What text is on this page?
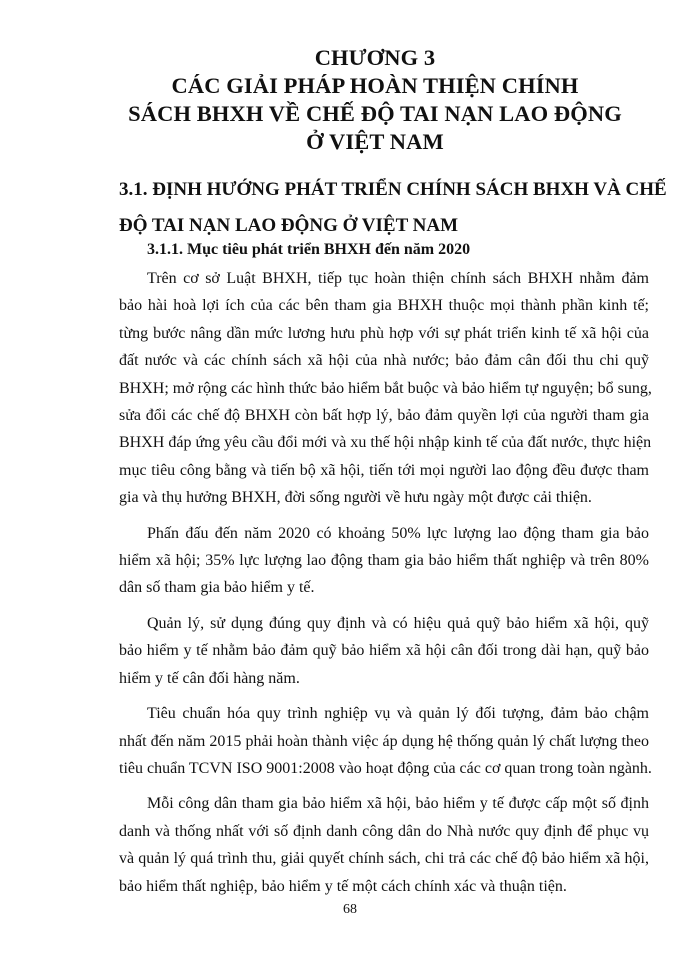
CHƯƠNG 3
CÁC GIẢI PHÁP HOÀN THIỆN CHÍNH
SÁCH BHXH VỀ CHẾ ĐỘ TAI NẠN LAO ĐỘNG
Ở VIỆT NAM
3.1. ĐỊNH HƯỚNG PHÁT TRIỂN CHÍNH SÁCH BHXH VÀ CHẾ
ĐỘ TAI NẠN LAO ĐỘNG Ở VIỆT NAM
3.1.1. Mục tiêu phát triển BHXH đến năm 2020
Trên cơ sở Luật BHXH, tiếp tục hoàn thiện chính sách BHXH nhằm đảm
bảo hài hoà lợi ích của các bên tham gia BHXH thuộc mọi thành phần kinh tế;
từng bước nâng dần mức lương hưu phù hợp với sự phát triển kinh tế xã hội của
đất nước và các chính sách xã hội của nhà nước; bảo đảm cân đối thu chi quỹ
BHXH; mở rộng các hình thức bảo hiểm bắt buộc và bảo hiểm tự nguyện; bổ sung,
sửa đổi các chế độ BHXH còn bất hợp lý, bảo đảm quyền lợi của người tham gia
BHXH đáp ứng yêu cầu đổi mới và xu thế hội nhập kinh tế của đất nước, thực hiện
mục tiêu công bằng và tiến bộ xã hội, tiến tới mọi người lao động đều được tham
gia và thụ hưởng BHXH, đời sống người về hưu ngày một được cải thiện.
Phấn đấu đến năm 2020 có khoảng 50% lực lượng lao động tham gia bảo
hiểm xã hội; 35% lực lượng lao động tham gia bảo hiểm thất nghiệp và trên 80%
dân số tham gia bảo hiểm y tế.
Quản lý, sử dụng đúng quy định và có hiệu quả quỹ bảo hiểm xã hội, quỹ
bảo hiểm y tế nhằm bảo đảm quỹ bảo hiểm xã hội cân đối trong dài hạn, quỹ bảo
hiểm y tế cân đối hàng năm.
Tiêu chuẩn hóa quy trình nghiệp vụ và quản lý đối tượng, đảm bảo chậm
nhất đến năm 2015 phải hoàn thành việc áp dụng hệ thống quản lý chất lượng theo
tiêu chuẩn TCVN ISO 9001:2008 vào hoạt động của các cơ quan trong toàn ngành.
Mỗi công dân tham gia bảo hiểm xã hội, bảo hiểm y tế được cấp một số định
danh và thống nhất với số định danh công dân do Nhà nước quy định để phục vụ
và quản lý quá trình thu, giải quyết chính sách, chi trả các chế độ bảo hiểm xã hội,
bảo hiểm thất nghiệp, bảo hiểm y tế một cách chính xác và thuận tiện.
68
